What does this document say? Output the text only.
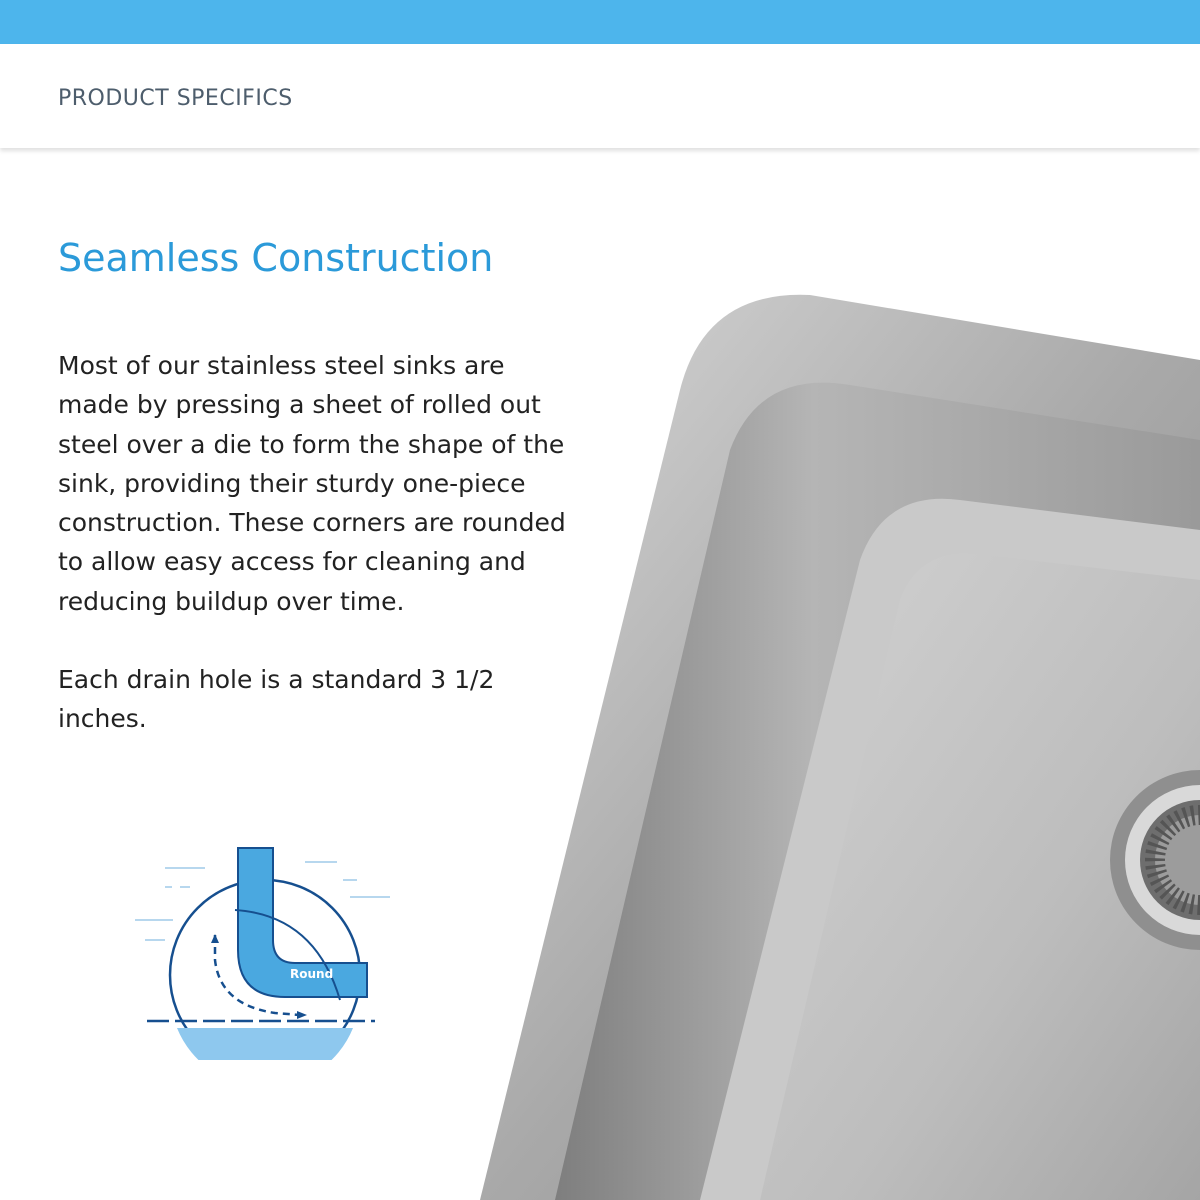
PRODUCT SPECIFICS
Seamless Construction

Most of our stainless steel sinks are made by pressing a sheet of rolled out steel over a die to form the shape of the sink, providing their sturdy one-piece construction. These corners are rounded to allow easy access for cleaning and reducing buildup over time.

Each drain hole is a standard 3 1/2 inches.

Round
